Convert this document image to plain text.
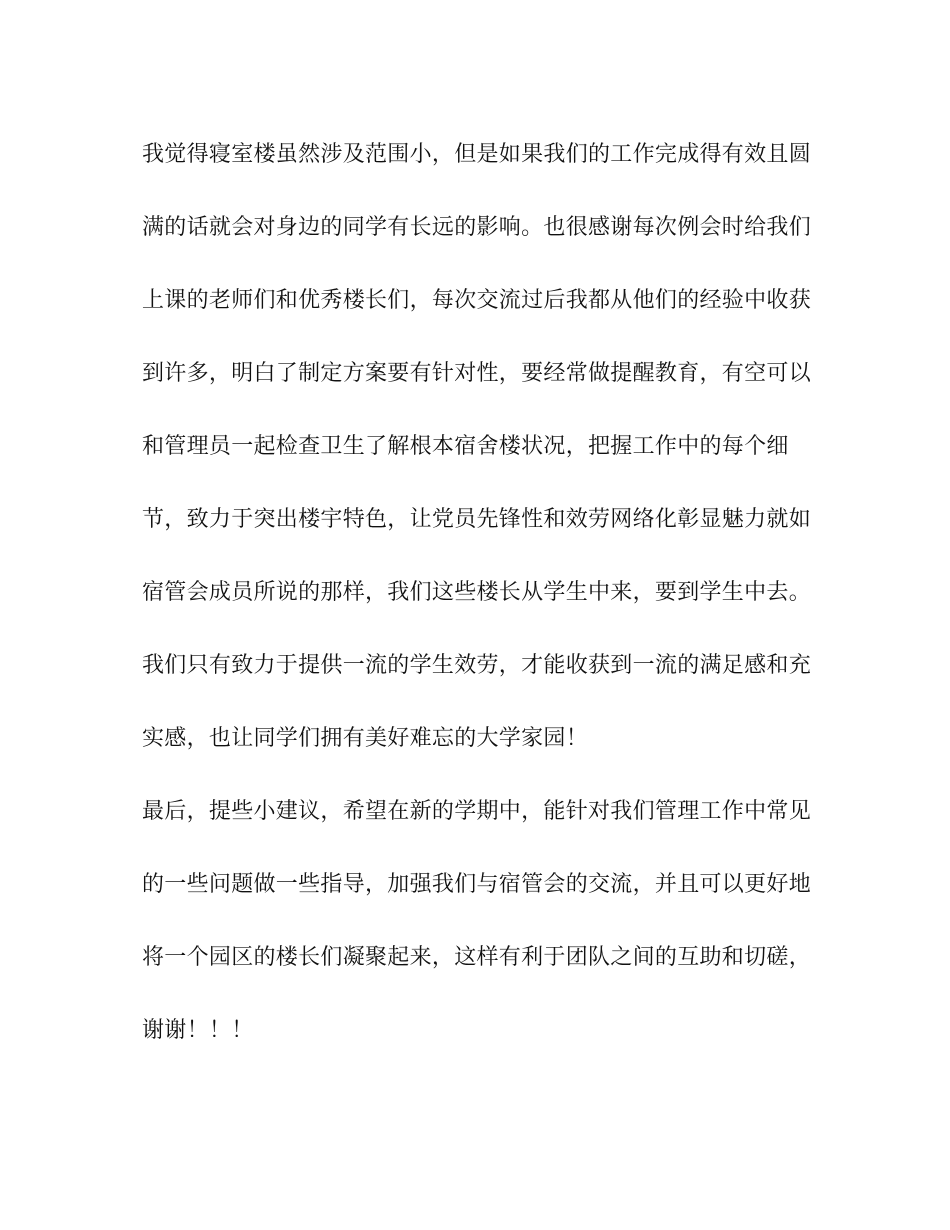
我觉得寝室楼虽然涉及范围小，但是如果我们的工作完成得有效且圆
满的话就会对身边的同学有长远的影响。也很感谢每次例会时给我们
上课的老师们和优秀楼长们，每次交流过后我都从他们的经验中收获
到许多，明白了制定方案要有针对性，要经常做提醒教育，有空可以
和管理员一起检查卫生了解根本宿舍楼状况，把握工作中的每个细
节，致力于突出楼宇特色，让党员先锋性和效劳网络化彰显魅力就如
宿管会成员所说的那样，我们这些楼长从学生中来，要到学生中去。
我们只有致力于提供一流的学生效劳，才能收获到一流的满足感和充
实感，也让同学们拥有美好难忘的大学家园！
最后，提些小建议，希望在新的学期中，能针对我们管理工作中常见
的一些问题做一些指导，加强我们与宿管会的交流，并且可以更好地
将一个园区的楼长们凝聚起来，这样有利于团队之间的互助和切磋，
谢谢！！！
